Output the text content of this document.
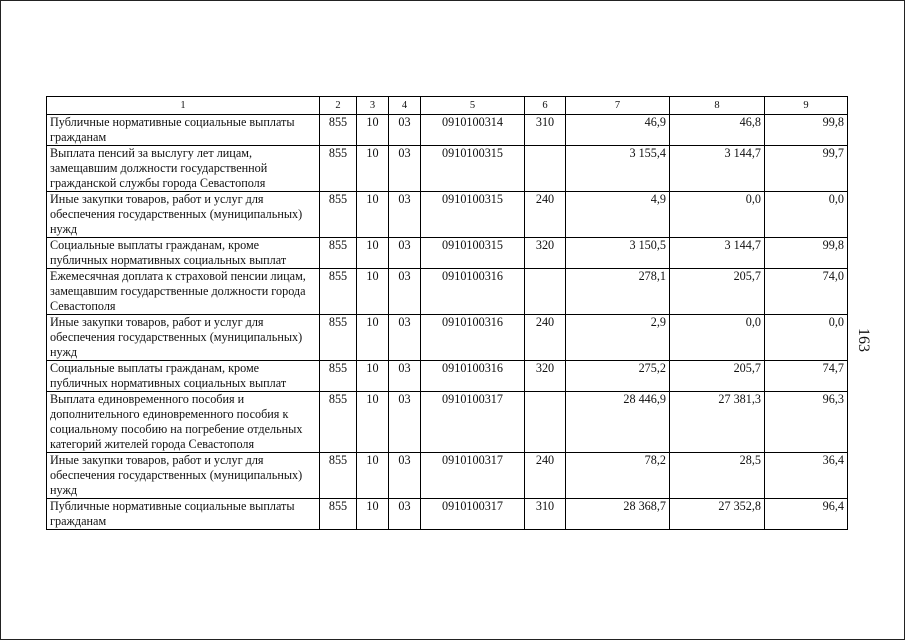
1	2	3	4	5	6	7	8	9
Публичные нормативные социальные выплаты гражданам	855	10	03	0910100314	310	46,9	46,8	99,8
Выплата пенсий за выслугу лет лицам, замещавшим должности государственной гражданской службы города Севастополя	855	10	03	0910100315		3 155,4	3 144,7	99,7
Иные закупки товаров, работ и услуг для обеспечения государственных (муниципальных) нужд	855	10	03	0910100315	240	4,9	0,0	0,0
Социальные выплаты гражданам, кроме публичных нормативных социальных выплат	855	10	03	0910100315	320	3 150,5	3 144,7	99,8
Ежемесячная доплата к страховой пенсии лицам, замещавшим государственные должности города Севастополя	855	10	03	0910100316		278,1	205,7	74,0
Иные закупки товаров, работ и услуг для обеспечения государственных (муниципальных) нужд	855	10	03	0910100316	240	2,9	0,0	0,0
Социальные выплаты гражданам, кроме публичных нормативных социальных выплат	855	10	03	0910100316	320	275,2	205,7	74,7
Выплата единовременного пособия и дополнительного единовременного пособия к социальному пособию на погребение отдельных категорий жителей города Севастополя	855	10	03	0910100317		28 446,9	27 381,3	96,3
Иные закупки товаров, работ и услуг для обеспечения государственных (муниципальных) нужд	855	10	03	0910100317	240	78,2	28,5	36,4
Публичные нормативные социальные выплаты гражданам	855	10	03	0910100317	310	28 368,7	27 352,8	96,4
163
